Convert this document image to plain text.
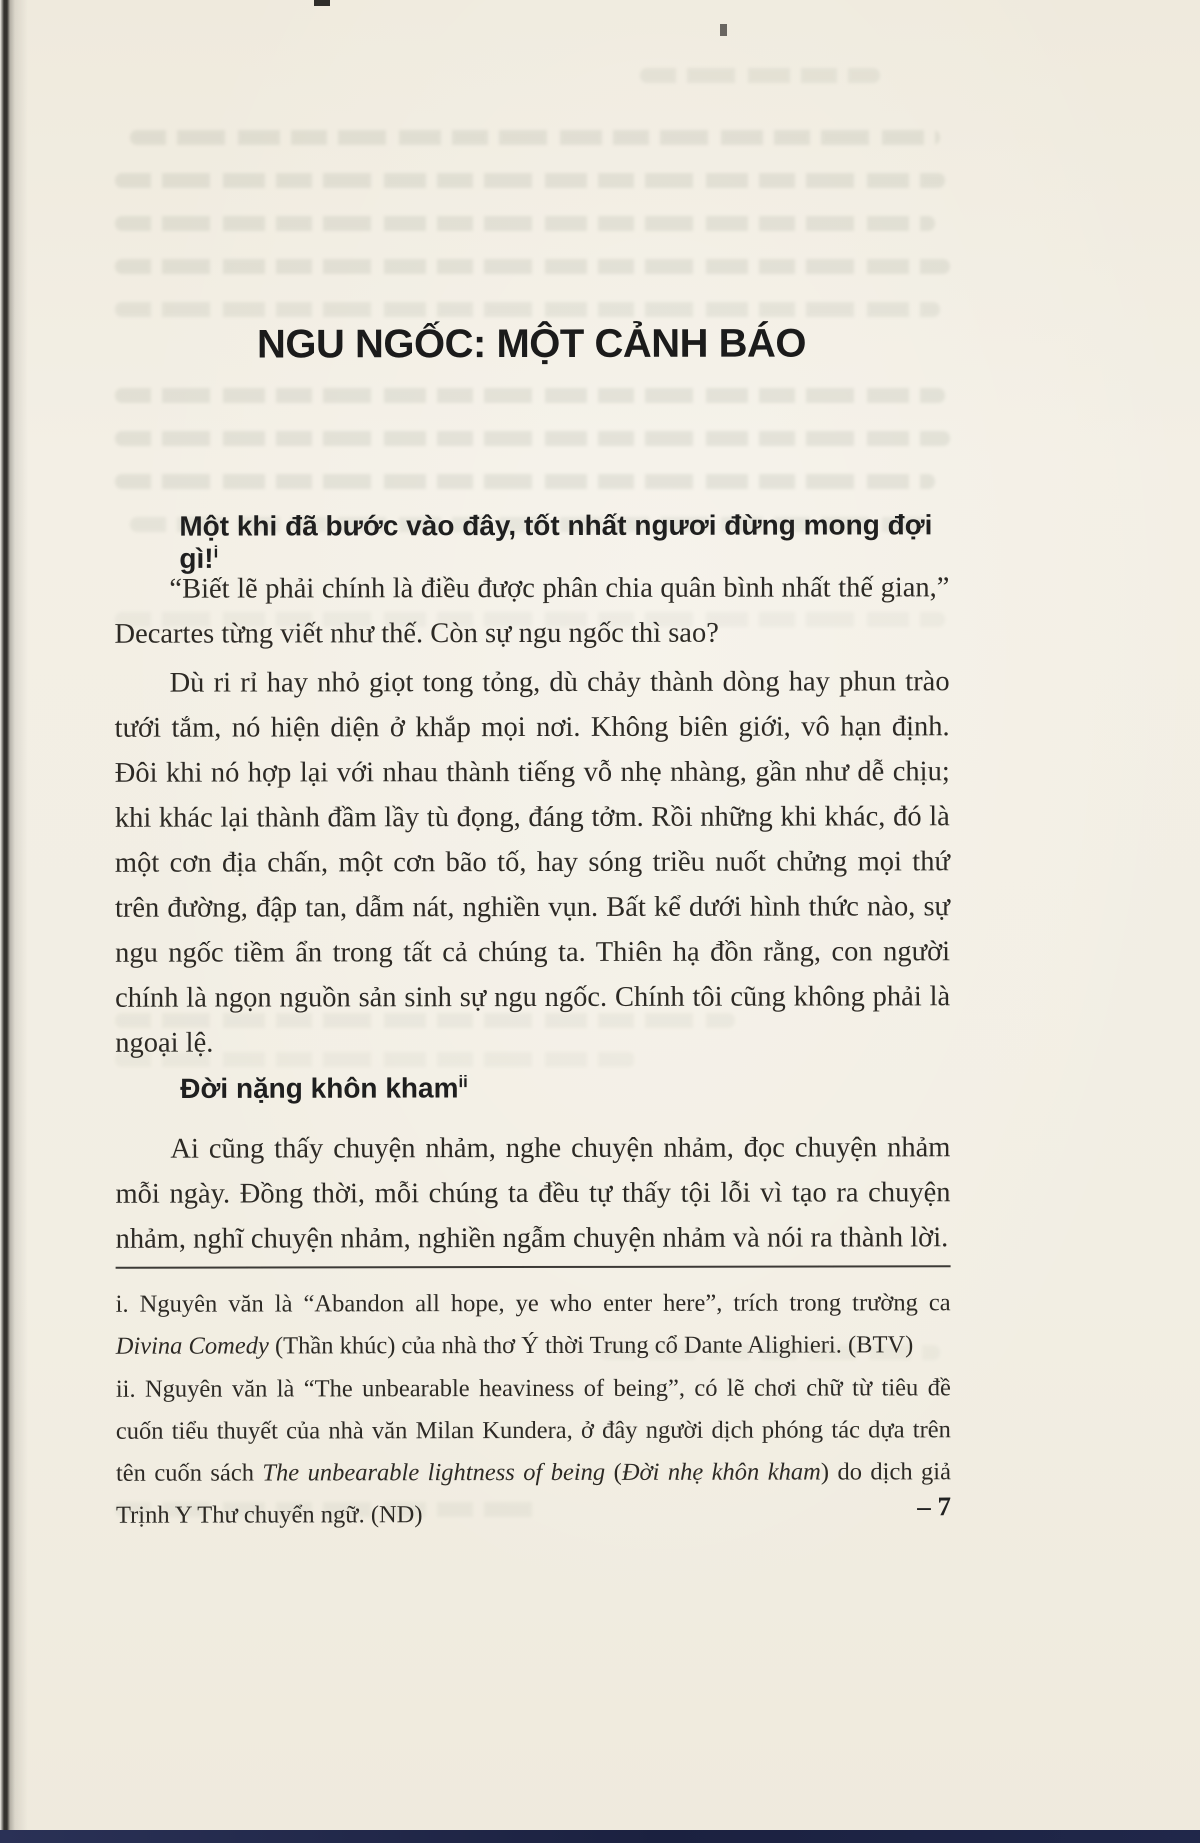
NGU NGỐC: MỘT CẢNH BÁO
Một khi đã bước vào đây, tốt nhất ngươi đừng mong đợi gì!$^i$

“Biết lẽ phải chính là điều được phân chia quân bình nhất thế gian,” Decartes từng viết như thế. Còn sự ngu ngốc thì sao?

Dù ri rỉ hay nhỏ giọt tong tỏng, dù chảy thành dòng hay phun trào tưới tắm, nó hiện diện ở khắp mọi nơi. Không biên giới, vô hạn định. Đôi khi nó hợp lại với nhau thành tiếng vỗ nhẹ nhàng, gần như dễ chịu; khi khác lại thành đầm lầy tù đọng, đáng tởm. Rồi những khi khác, đó là một cơn địa chấn, một cơn bão tố, hay sóng triều nuốt chửng mọi thứ trên đường, đập tan, dẫm nát, nghiền vụn. Bất kể dưới hình thức nào, sự ngu ngốc tiềm ẩn trong tất cả chúng ta. Thiên hạ đồn rằng, con người chính là ngọn nguồn sản sinh sự ngu ngốc. Chính tôi cũng không phải là ngoại lệ.

Đời nặng khôn kham$^{ii}$

Ai cũng thấy chuyện nhảm, nghe chuyện nhảm, đọc chuyện nhảm mỗi ngày. Đồng thời, mỗi chúng ta đều tự thấy tội lỗi vì tạo ra chuyện nhảm, nghĩ chuyện nhảm, nghiền ngẫm chuyện nhảm và nói ra thành lời.

i. Nguyên văn là “Abandon all hope, ye who enter here”, trích trong trường ca Divina Comedy (Thần khúc) của nhà thơ Ý thời Trung cổ Dante Alighieri. (BTV)

ii. Nguyên văn là “The unbearable heaviness of being”, có lẽ chơi chữ từ tiêu đề cuốn tiểu thuyết của nhà văn Milan Kundera, ở đây người dịch phóng tác dựa trên tên cuốn sách The unbearable lightness of being (Đời nhẹ khôn kham) do dịch giả Trịnh Y Thư chuyển ngữ. (ND)	– 7
